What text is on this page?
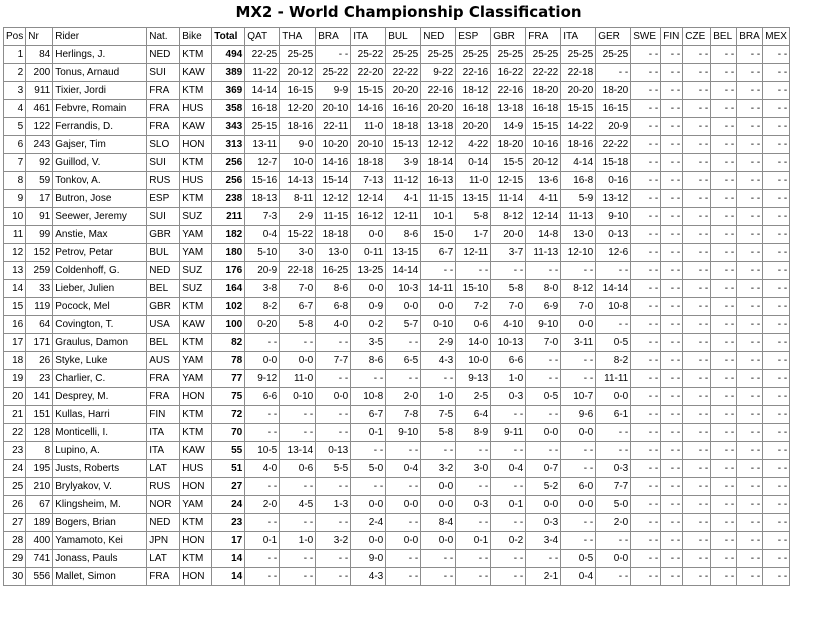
MX2 - World Championship Classification
Pos	Nr	Rider	Nat.	Bike	Total	QAT	THA	BRA	ITA	BUL	NED	ESP	GBR	FRA	ITA	GER	SWE	FIN	CZE	BEL	BRA	MEX
1	84	Herlings, J.	NED	KTM	494	22-25	25-25	- -	25-22	25-25	25-25	25-25	25-25	25-25	25-25	25-25	- -	- -	- -	- -	- -	- -
2	200	Tonus, Arnaud	SUI	KAW	389	11-22	20-12	25-22	22-20	22-22	9-22	22-16	16-22	22-22	22-18	- -	- -	- -	- -	- -	- -	- -
3	911	Tixier, Jordi	FRA	KTM	369	14-14	16-15	9-9	15-15	20-20	22-16	18-12	22-16	18-20	20-20	18-20	- -	- -	- -	- -	- -	- -
4	461	Febvre, Romain	FRA	HUS	358	16-18	12-20	20-10	14-16	16-16	20-20	16-18	13-18	16-18	15-15	16-15	- -	- -	- -	- -	- -	- -
5	122	Ferrandis, D.	FRA	KAW	343	25-15	18-16	22-11	11-0	18-18	13-18	20-20	14-9	15-15	14-22	20-9	- -	- -	- -	- -	- -	- -
6	243	Gajser, Tim	SLO	HON	313	13-11	9-0	10-20	20-10	15-13	12-12	4-22	18-20	10-16	18-16	22-22	- -	- -	- -	- -	- -	- -
7	92	Guillod, V.	SUI	KTM	256	12-7	10-0	14-16	18-18	3-9	18-14	0-14	15-5	20-12	4-14	15-18	- -	- -	- -	- -	- -	- -
8	59	Tonkov, A.	RUS	HUS	256	15-16	14-13	15-14	7-13	11-12	16-13	11-0	12-15	13-6	16-8	0-16	- -	- -	- -	- -	- -	- -
9	17	Butron, Jose	ESP	KTM	238	18-13	8-11	12-12	12-14	4-1	11-15	13-15	11-14	4-11	5-9	13-12	- -	- -	- -	- -	- -	- -
10	91	Seewer, Jeremy	SUI	SUZ	211	7-3	2-9	11-15	16-12	12-11	10-1	5-8	8-12	12-14	11-13	9-10	- -	- -	- -	- -	- -	- -
11	99	Anstie, Max	GBR	YAM	182	0-4	15-22	18-18	0-0	8-6	15-0	1-7	20-0	14-8	13-0	0-13	- -	- -	- -	- -	- -	- -
12	152	Petrov, Petar	BUL	YAM	180	5-10	3-0	13-0	0-11	13-15	6-7	12-11	3-7	11-13	12-10	12-6	- -	- -	- -	- -	- -	- -
13	259	Coldenhoff, G.	NED	SUZ	176	20-9	22-18	16-25	13-25	14-14	- -	- -	- -	- -	- -	- -	- -	- -	- -	- -	- -	- -
14	33	Lieber, Julien	BEL	SUZ	164	3-8	7-0	8-6	0-0	10-3	14-11	15-10	5-8	8-0	8-12	14-14	- -	- -	- -	- -	- -	- -
15	119	Pocock, Mel	GBR	KTM	102	8-2	6-7	6-8	0-9	0-0	0-0	7-2	7-0	6-9	7-0	10-8	- -	- -	- -	- -	- -	- -
16	64	Covington, T.	USA	KAW	100	0-20	5-8	4-0	0-2	5-7	0-10	0-6	4-10	9-10	0-0	- -	- -	- -	- -	- -	- -	- -
17	171	Graulus, Damon	BEL	KTM	82	- -	- -	- -	3-5	- -	2-9	14-0	10-13	7-0	3-11	0-5	- -	- -	- -	- -	- -	- -
18	26	Styke, Luke	AUS	YAM	78	0-0	0-0	7-7	8-6	6-5	4-3	10-0	6-6	- -	- -	8-2	- -	- -	- -	- -	- -	- -
19	23	Charlier, C.	FRA	YAM	77	9-12	11-0	- -	- -	- -	- -	9-13	1-0	- -	- -	11-11	- -	- -	- -	- -	- -	- -
20	141	Desprey, M.	FRA	HON	75	6-6	0-10	0-0	10-8	2-0	1-0	2-5	0-3	0-5	10-7	0-0	- -	- -	- -	- -	- -	- -
21	151	Kullas, Harri	FIN	KTM	72	- -	- -	- -	6-7	7-8	7-5	6-4	- -	- -	9-6	6-1	- -	- -	- -	- -	- -	- -
22	128	Monticelli, I.	ITA	KTM	70	- -	- -	- -	0-1	9-10	5-8	8-9	9-11	0-0	0-0	- -	- -	- -	- -	- -	- -	- -
23	8	Lupino, A.	ITA	KAW	55	10-5	13-14	0-13	- -	- -	- -	- -	- -	- -	- -	- -	- -	- -	- -	- -	- -	- -
24	195	Justs, Roberts	LAT	HUS	51	4-0	0-6	5-5	5-0	0-4	3-2	3-0	0-4	0-7	- -	0-3	- -	- -	- -	- -	- -	- -
25	210	Brylyakov, V.	RUS	HON	27	- -	- -	- -	- -	- -	0-0	- -	- -	5-2	6-0	7-7	- -	- -	- -	- -	- -	- -
26	67	Klingsheim, M.	NOR	YAM	24	2-0	4-5	1-3	0-0	0-0	0-0	0-3	0-1	0-0	0-0	5-0	- -	- -	- -	- -	- -	- -
27	189	Bogers, Brian	NED	KTM	23	- -	- -	- -	2-4	- -	8-4	- -	- -	0-3	- -	2-0	- -	- -	- -	- -	- -	- -
28	400	Yamamoto, Kei	JPN	HON	17	0-1	1-0	3-2	0-0	0-0	0-0	0-1	0-2	3-4	- -	- -	- -	- -	- -	- -	- -	- -
29	741	Jonass, Pauls	LAT	KTM	14	- -	- -	- -	9-0	- -	- -	- -	- -	- -	0-5	0-0	- -	- -	- -	- -	- -	- -
30	556	Mallet, Simon	FRA	HON	14	- -	- -	- -	4-3	- -	- -	- -	- -	2-1	0-4	- -	- -	- -	- -	- -	- -	- -
